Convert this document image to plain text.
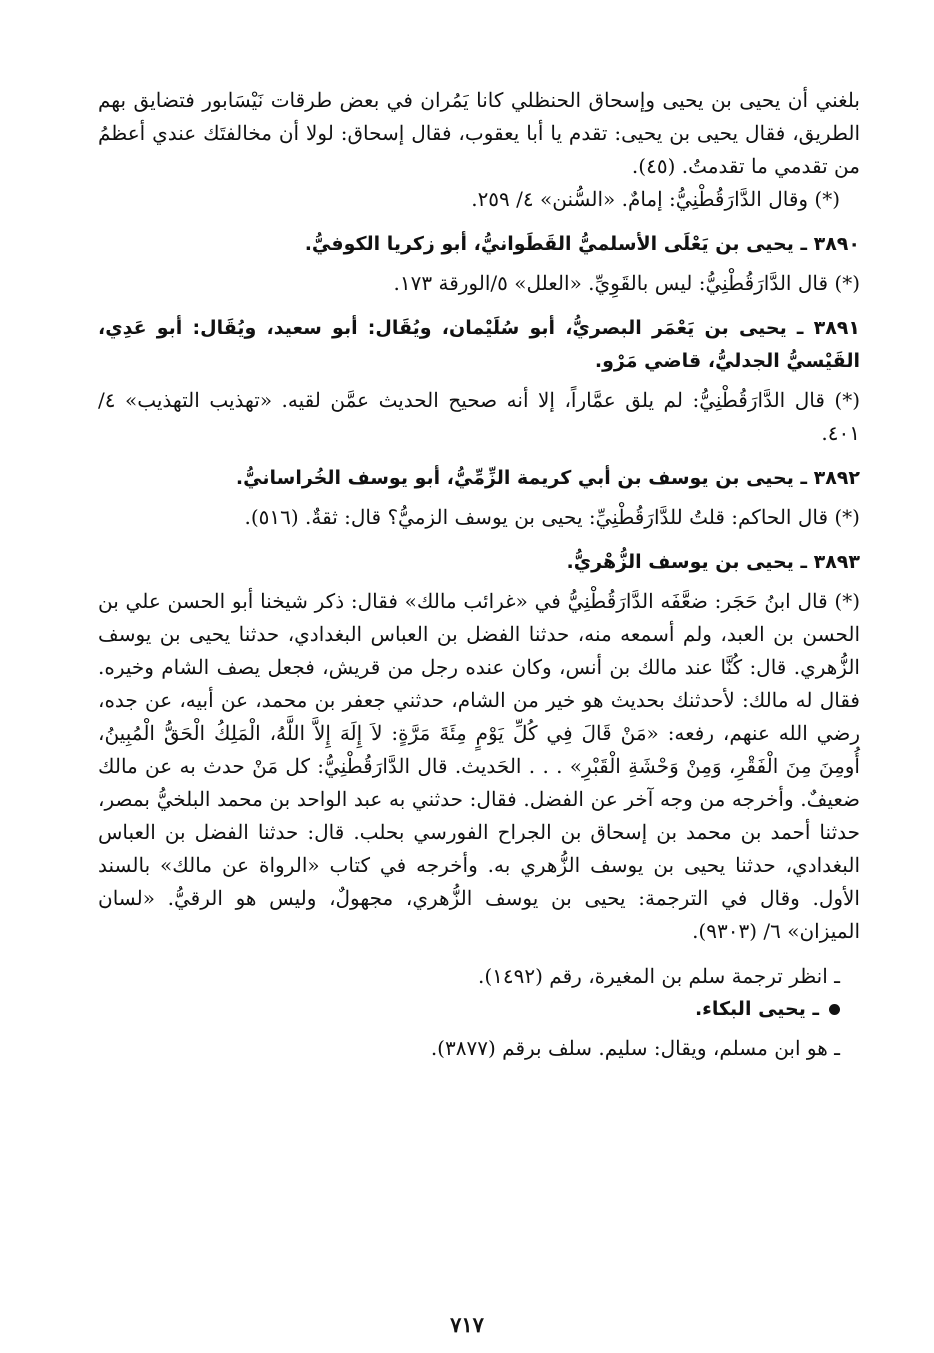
بلغني أن يحيى بن يحيى وإسحاق الحنظلي كانا يَمُران في بعض طرقات نَيْسَابور فتضايق بهم الطريق، فقال يحيى بن يحيى: تقدم يا أبا يعقوب، فقال إسحاق: لولا أن مخالفتَك عندي أعظمُ من تقدمي ما تقدمتُ. (٤٥).

(*) وقال الدَّارَقُطْنِيُّ: إمامٌ. «السُّنن» ٤/ ٢٥٩.

٣٨٩٠ ـ يحيى بن يَعْلَى الأسلميُّ القَطَوانيُّ، أبو زكريا الكوفيُّ.

(*) قال الدَّارَقُطْنِيُّ: ليس بالقَوِيِّ. «العلل» ٥/الورقة ١٧٣.

٣٨٩١ ـ يحيى بن يَعْمَر البصريُّ، أبو سُلَيْمان، ويُقَال: أبو سعيد، ويُقَال: أبو عَدِي، القَيْسيُّ الجدليُّ، قاضي مَرْو.

(*) قال الدَّارَقُطْنِيُّ: لم يلق عمَّاراً، إلا أنه صحيح الحديث عمَّن لقيه. «تهذيب التهذيب» ٤/ ٤٠١.

٣٨٩٢ ـ يحيى بن يوسف بن أبي كريمة الزِّمِّيُّ، أبو يوسف الخُراسانيُّ.

(*) قال الحاكم: قلتُ للدَّارَقُطْنِيِّ: يحيى بن يوسف الزميُّ؟ قال: ثقةٌ. (٥١٦).

٣٨٩٣ ـ يحيى بن يوسف الزُّهْريُّ.

(*) قال ابنُ حَجَر: ضعَّفَه الدَّارَقُطْنِيُّ في «غرائب مالك» فقال: ذكر شيخنا أبو الحسن علي بن الحسن بن العبد، ولم أسمعه منه، حدثنا الفضل بن العباس البغدادي، حدثنا يحيى بن يوسف الزُّهري. قال: كُنَّا عند مالك بن أنس، وكان عنده رجل من قريش، فجعل يصف الشام وخيره. فقال له مالك: لأحدثنك بحديث هو خير من الشام، حدثني جعفر بن محمد، عن أبيه، عن جده، رضي الله عنهم، رفعه: «مَنْ قَالَ فِي كُلِّ يَوْمٍ مِئَةَ مَرَّةٍ: لاَ إِلَهَ إِلاَّ اللَّهُ، الْمَلِكُ الْحَقُّ الْمُبِينُ، أُومِنَ مِنَ الْفَقْرِ، وَمِنْ وَحْشَةِ الْقَبْرِ» . . . الحَديث. قال الدَّارَقُطْنِيُّ: كل مَنْ حدث به عن مالك ضعيفٌ. وأخرجه من وجه آخر عن الفضل. فقال: حدثني به عبد الواحد بن محمد البلخيُّ بمصر، حدثنا أحمد بن محمد بن إسحاق بن الجراح الفورسي بحلب. قال: حدثنا الفضل بن العباس البغدادي، حدثنا يحيى بن يوسف الزُّهري به. وأخرجه في كتاب «الرواة عن مالك» بالسند الأول. وقال في الترجمة: يحيى بن يوسف الزُّهري، مجهولٌ، وليس هو الرقيُّ. «لسان الميزان» ٦/ (٩٣٠٣).

ـ انظر ترجمة سلم بن المغيرة، رقم (١٤٩٢).

ـ يحيى البكاء.

ـ هو ابن مسلم، ويقال: سليم. سلف برقم (٣٨٧٧).

٧١٧
